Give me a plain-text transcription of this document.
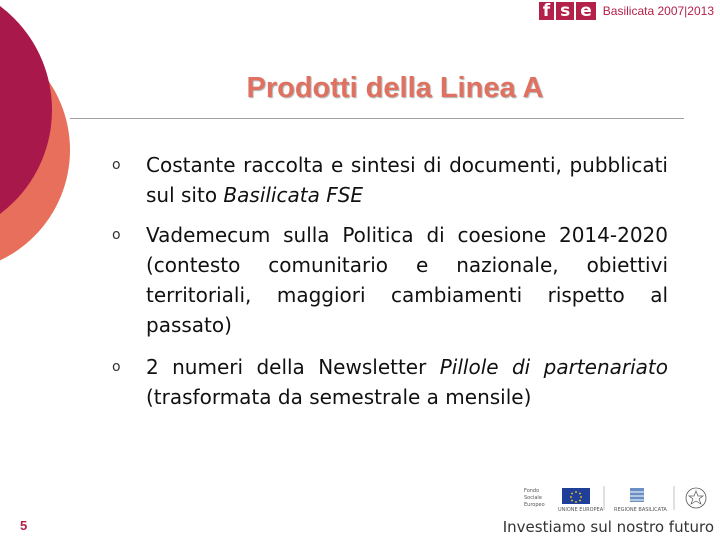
f s e Basilicata 2007|2013
Prodotti della Linea A
o Costante raccolta e sintesi di documenti, pubblicati sul sito Basilicata FSE
o Vademecum sulla Politica di coesione 2014-2020 (contesto comunitario e nazionale, obiettivi territoriali, maggiori cambiamenti rispetto al passato)
o 2 numeri della Newsletter Pillole di partenariato (trasformata da semestrale a mensile)
5
Fondo
Sociale
Europeo
UNIONE EUROPEA REGIONE BASILICATA
Investiamo sul nostro futuro
